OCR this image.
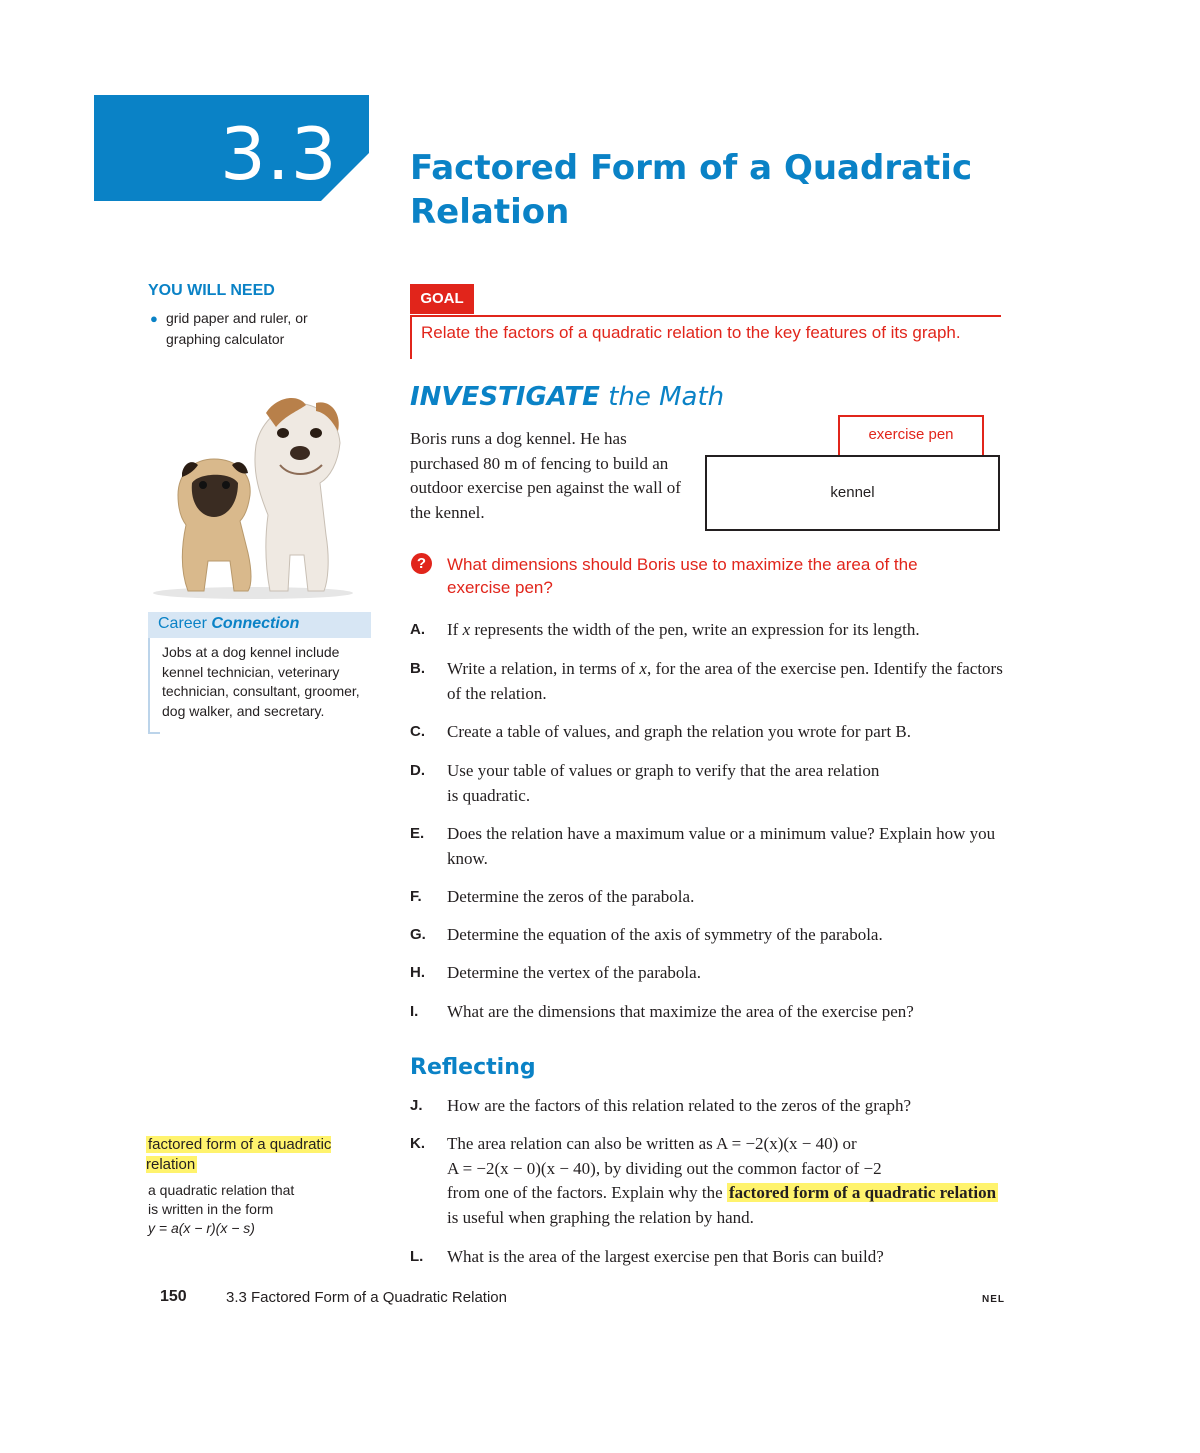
3.3 Factored Form of a Quadratic Relation
YOU WILL NEED
● grid paper and ruler, or graphing calculator
Career Connection
Jobs at a dog kennel include kennel technician, veterinary technician, consultant, groomer, dog walker, and secretary.
factored form of a quadratic relation
a quadratic relation that
is written in the form
y = a(x − r)(x − s)
GOAL
Relate the factors of a quadratic relation to the key features of its graph.
INVESTIGATE the Math
Boris runs a dog kennel. He has purchased 80 m of fencing to build an outdoor exercise pen against the wall of the kennel.
exercise pen
kennel
?	What dimensions should Boris use to maximize the area of the exercise pen?
A. If x represents the width of the pen, write an expression for its length.
B. Write a relation, in terms of x, for the area of the exercise pen. Identify the factors of the relation.
C. Create a table of values, and graph the relation you wrote for part B.
D. Use your table of values or graph to verify that the area relation
is quadratic.
E. Does the relation have a maximum value or a minimum value? Explain how you know.
F. Determine the zeros of the parabola.
G. Determine the equation of the axis of symmetry of the parabola.
H. Determine the vertex of the parabola.
I. What are the dimensions that maximize the area of the exercise pen?
Reflecting
J. How are the factors of this relation related to the zeros of the graph?
K. The area relation can also be written as A = −2(x)(x − 40) or
A = −2(x − 0)(x − 40), by dividing out the common factor of −2
from one of the factors. Explain why the factored form of a quadratic relation is useful when graphing the relation by hand.
L. What is the area of the largest exercise pen that Boris can build?
150	3.3 Factored Form of a Quadratic Relation	NEL
